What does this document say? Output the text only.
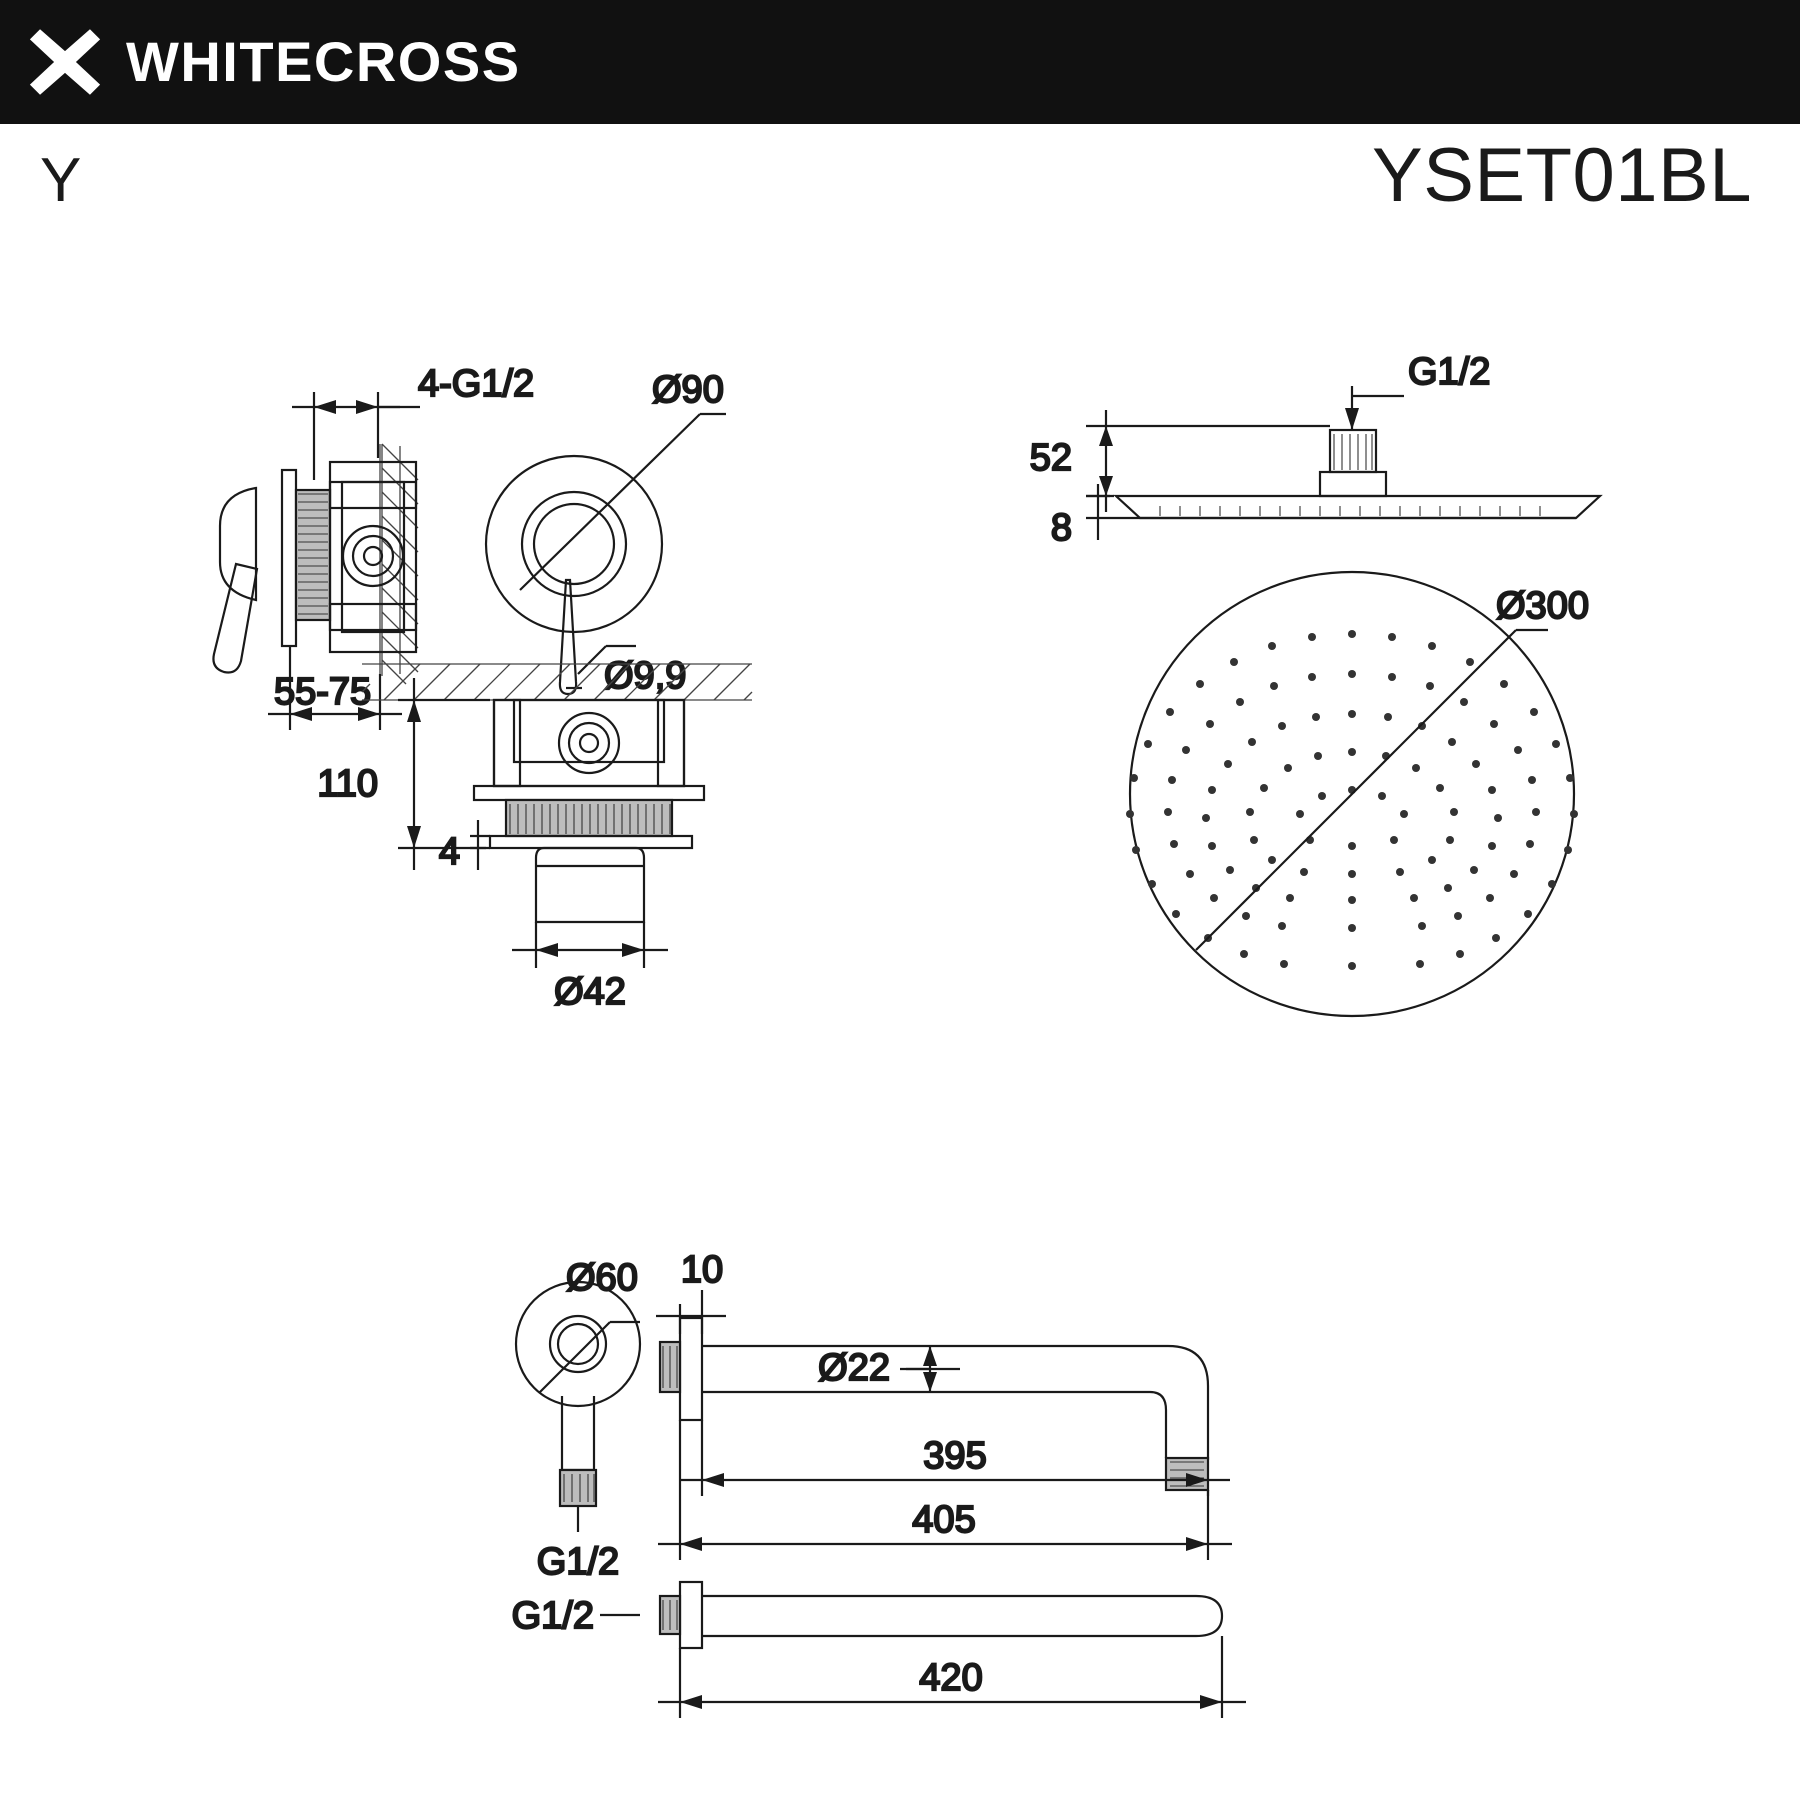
WHITECROSS
Y	YSET01BL
4-G1/2
55-75
Ø90
Ø9,9
110
4
Ø42
G1/2
52
8
Ø300
Ø60
G1/2
10
Ø22
395
405
G1/2
420
